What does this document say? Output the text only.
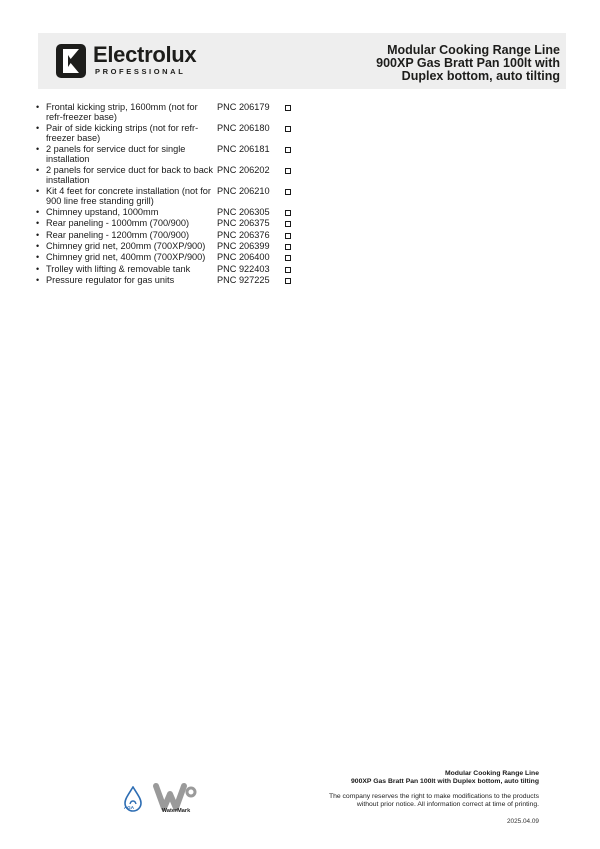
Electrolux
PROFESSIONAL
Modular Cooking Range Line
900XP Gas Bratt Pan 100lt with
Duplex bottom, auto tilting
• Frontal kicking strip, 1600mm (not for refr-freezer base)
PNC 206179
• Pair of side kicking strips (not for refr-freezer base)
PNC 206180
• 2 panels for service duct for single installation
PNC 206181
• 2 panels for service duct for back to back installation
PNC 206202
• Kit 4 feet for concrete installation (not for 900 line free standing grill)
PNC 206210
• Chimney upstand, 1000mm	PNC 206305
• Rear paneling - 1000mm (700/900)	PNC 206375
• Rear paneling - 1200mm (700/900)	PNC 206376
• Chimney grid net, 200mm (700XP/900)	PNC 206399
• Chimney grid net, 400mm (700XP/900)	PNC 206400
• Trolley with lifting & removable tank	PNC 922403
• Pressure regulator for gas units	PNC 927225
AGA
WaterMark
Modular Cooking Range Line
900XP Gas Bratt Pan 100lt with Duplex bottom, auto tilting
The company reserves the right to make modifications to the products
without prior notice. All information correct at time of printing.
2025.04.09
